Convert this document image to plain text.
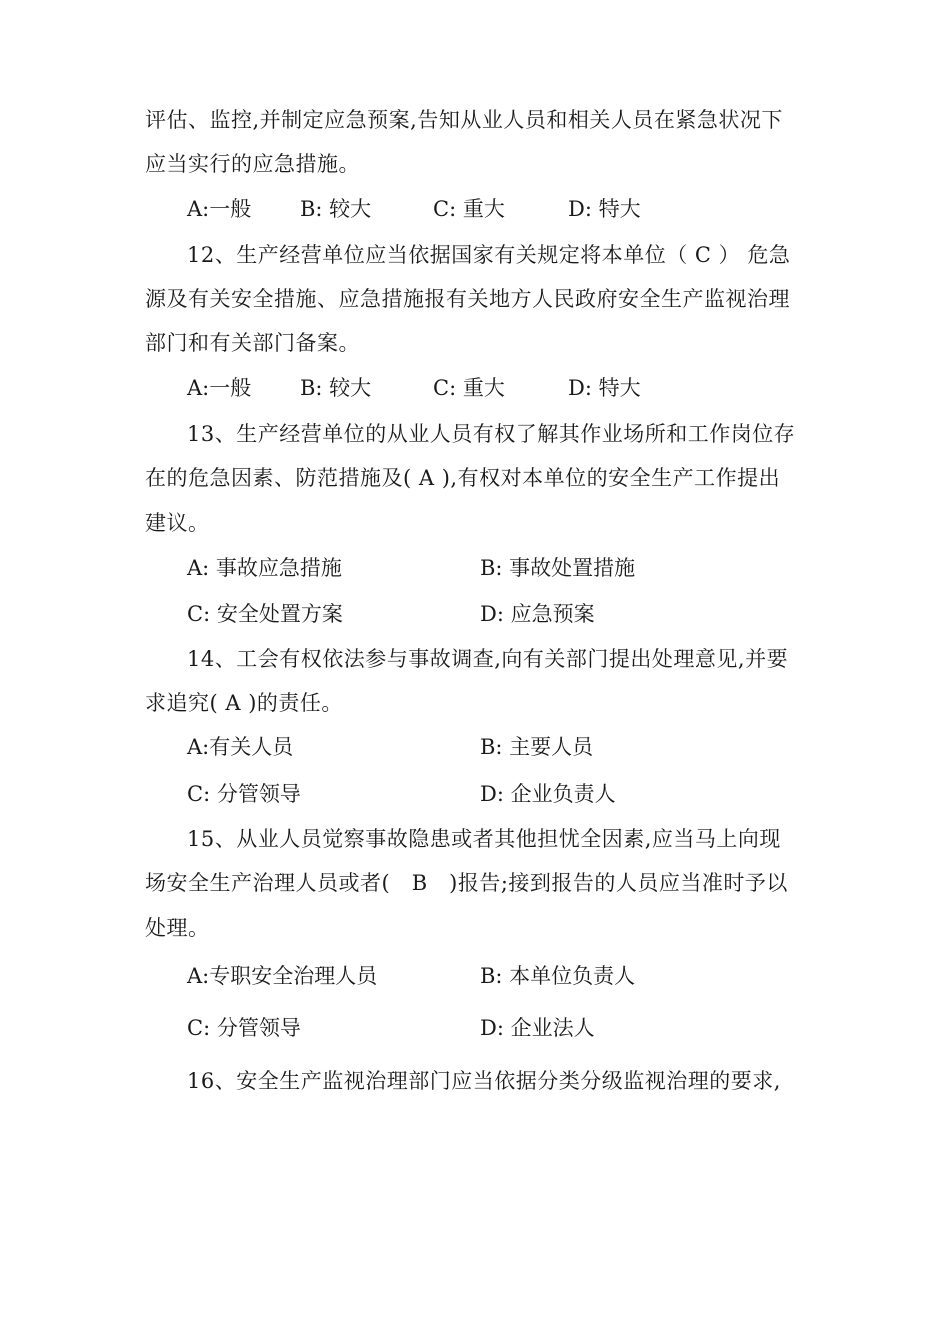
评估、监控,并制定应急预案,告知从业人员和相关人员在紧急状况下
应当实行的应急措施。
A:一般 B: 较大	C: 重大	D: 特大
12、生产经营单位应当依据国家有关规定将本单位（ C ） 危急
源及有关安全措施、应急措施报有关地方人民政府安全生产监视治理
部门和有关部门备案。
A:一般 B: 较大	C: 重大	D: 特大
13、生产经营单位的从业人员有权了解其作业场所和工作岗位存
在的危急因素、防范措施及( A ),有权对本单位的安全生产工作提出
建议。
A: 事故应急措施	B: 事故处置措施
C: 安全处置方案	D: 应急预案
14、工会有权依法参与事故调查,向有关部门提出处理意见,并要
求追究( A )的责任。
A:有关人员	B: 主要人员
C: 分管领导	D: 企业负责人
15、从业人员觉察事故隐患或者其他担忧全因素,应当马上向现
场安全生产治理人员或者(　B　)报告;接到报告的人员应当准时予以
处理。
A:专职安全治理人员	B: 本单位负责人
C: 分管领导	D: 企业法人
16、安全生产监视治理部门应当依据分类分级监视治理的要求,
